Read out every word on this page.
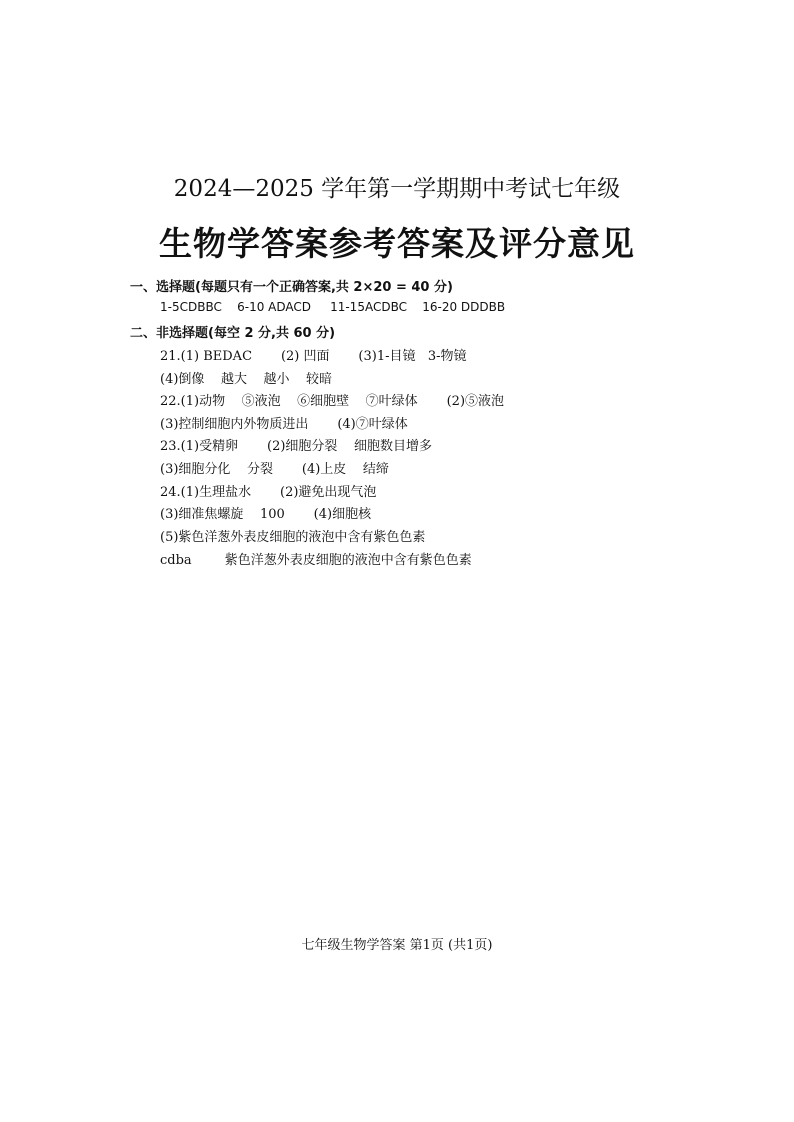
2024—2025 学年第一学期期中考试七年级
生物学答案参考答案及评分意见
一、选择题(每题只有一个正确答案,共 2×20 = 40 分)
1-5CDBBC    6-10 ADACD     11-15ACDBC    16-20 DDDBB
二、非选择题(每空 2 分,共 60 分)
21.(1) BEDAC       (2) 凹面       (3)1-目镜   3-物镜
(4)倒像    越大    越小    较暗
22.(1)动物    ⑤液泡    ⑥细胞壁    ⑦叶绿体       (2)⑤液泡
(3)控制细胞内外物质进出       (4)⑦叶绿体
23.(1)受精卵       (2)细胞分裂    细胞数目增多
(3)细胞分化    分裂       (4)上皮    结缔
24.(1)生理盐水       (2)避免出现气泡
(3)细准焦螺旋    100       (4)细胞核
(5)紫色洋葱外表皮细胞的液泡中含有紫色色素
cdba        紫色洋葱外表皮细胞的液泡中含有紫色色素
七年级生物学答案 第1页 (共1页)
